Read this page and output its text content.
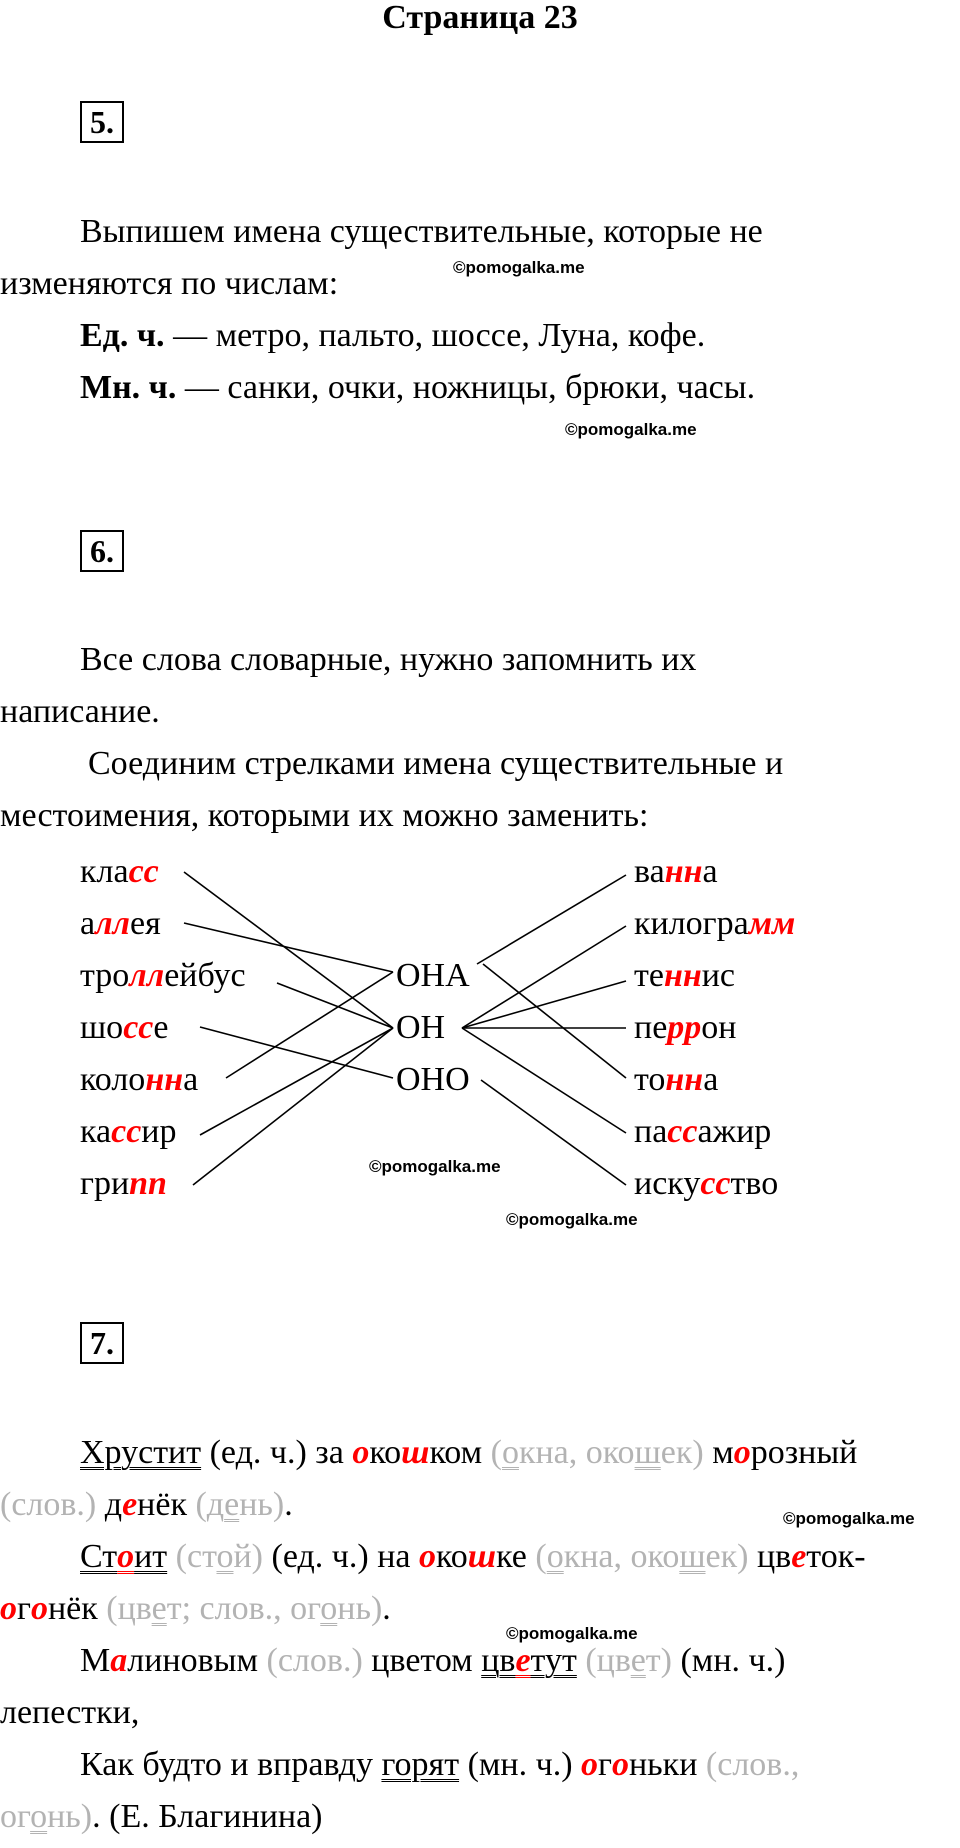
Страница 23
5.
Выпишем имена существительные, которые не
©pomogalka.me
изменяются по числам:
Ед. ч. — метро, пальто, шоссе, Луна, кофе.
Мн. ч. — санки, очки, ножницы, брюки, часы.
©pomogalka.me
6.
Все слова словарные, нужно запомнить их
написание.
Соединим стрелками имена существительные и
местоимения, которыми их можно заменить:
класс
аллея
троллейбус
шоссе
колонна
кассир
грипп
ОНА
ОН
ОНО
ванна
килограмм
теннис
перрон
тонна
пассажир
искусство
©pomogalka.me
©pomogalka.me
7.
Хрустит (ед. ч.) за окошком (окна, окошек) морозный
(слов.) денёк (день).	©pomogalka.me
Стоит (стой) (ед. ч.) на окошке (окна, окошек) цветок-
огонёк (цвет; слов., огонь).
©pomogalka.me
Малиновым (слов.) цветом цветут (цвет) (мн. ч.)
лепестки,
Как будто и вправду горят (мн. ч.) огоньки (слов.,
огонь). (Е. Благинина)
